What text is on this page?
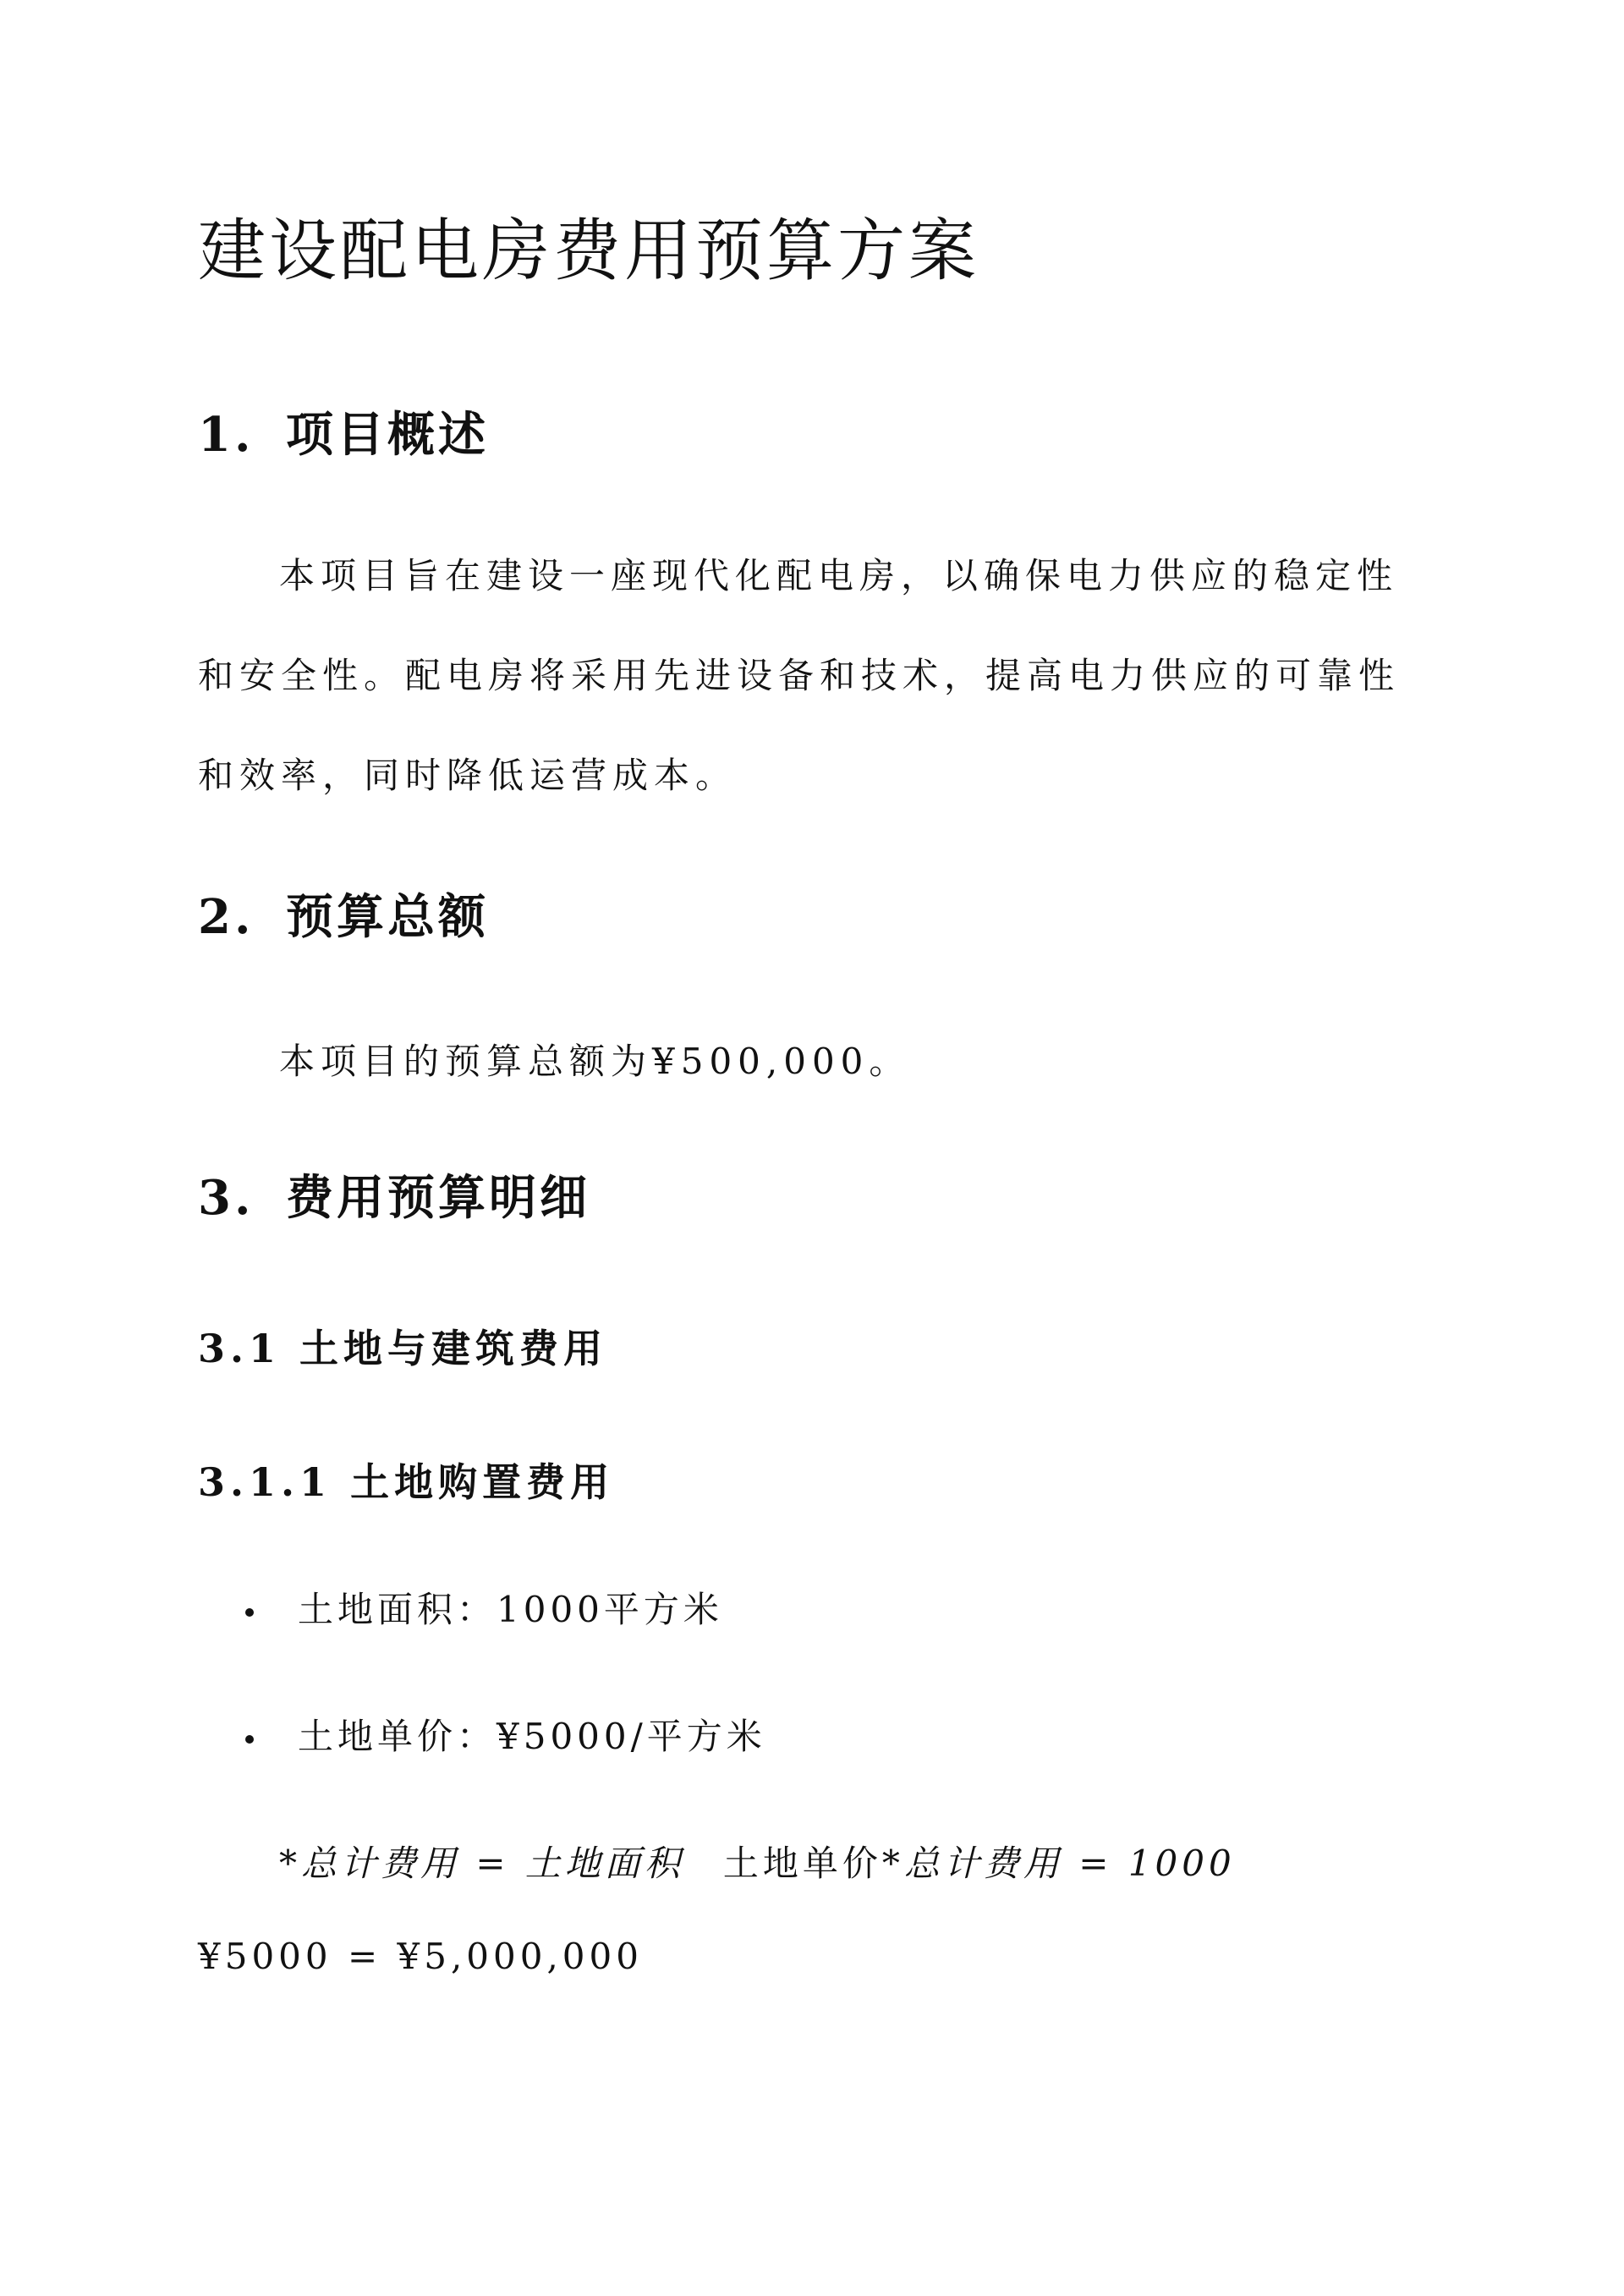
建设配电房费用预算方案
1. 项目概述

本项目旨在建设一座现代化配电房，以确保电力供应的稳定性

和安全性。配电房将采用先进设备和技术，提高电力供应的可靠性

和效率，同时降低运营成本。

2. 预算总额

本项目的预算总额为¥500,000。

3. 费用预算明细
3.1 土地与建筑费用
3.1.1 土地购置费用
土地面积：1000平方米
土地单价：¥5000/平方米

*总计费用 = 土地面积 土地单价*总计费用 = 1000

¥5000 = ¥5,000,000
